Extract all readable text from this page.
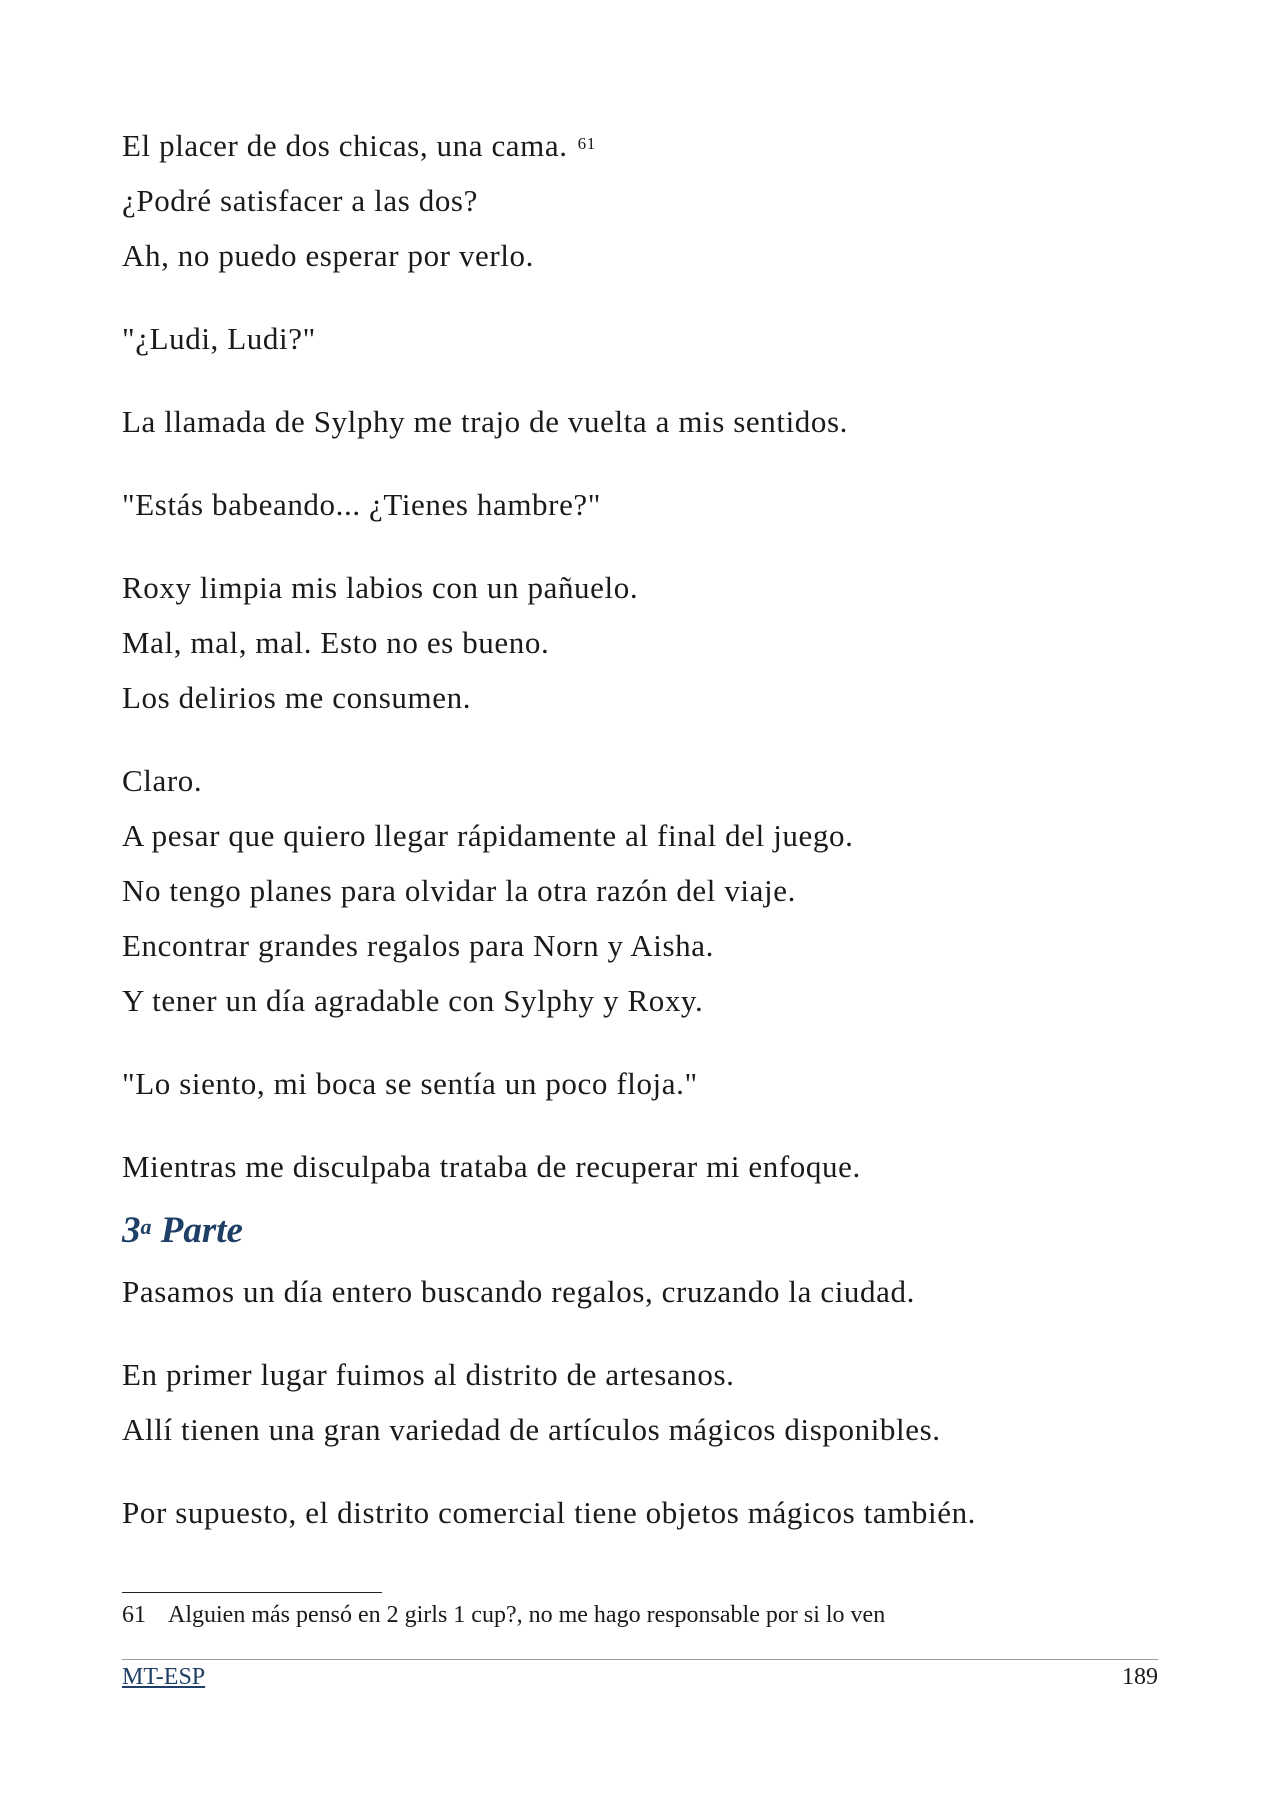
El placer de dos chicas, una cama. $^{61}$
¿Podré satisfacer a las dos?
Ah, no puedo esperar por verlo.
"¿Ludi, Ludi?"
La llamada de Sylphy me trajo de vuelta a mis sentidos.
"Estás babeando... ¿Tienes hambre?"
Roxy limpia mis labios con un pañuelo.
Mal, mal, mal. Esto no es bueno.
Los delirios me consumen.
Claro.
A pesar que quiero llegar rápidamente al final del juego.
No tengo planes para olvidar la otra razón del viaje.
Encontrar grandes regalos para Norn y Aisha.
Y tener un día agradable con Sylphy y Roxy.
"Lo siento, mi boca se sentía un poco floja."
Mientras me disculpaba trataba de recuperar mi enfoque.
3$^a$ Parte
Pasamos un día entero buscando regalos, cruzando la ciudad.
En primer lugar fuimos al distrito de artesanos.
Allí tienen una gran variedad de artículos mágicos disponibles.
Por supuesto, el distrito comercial tiene objetos mágicos también.
61 Alguien más pensó en 2 girls 1 cup?, no me hago responsable por si lo ven
MT-ESP	189
